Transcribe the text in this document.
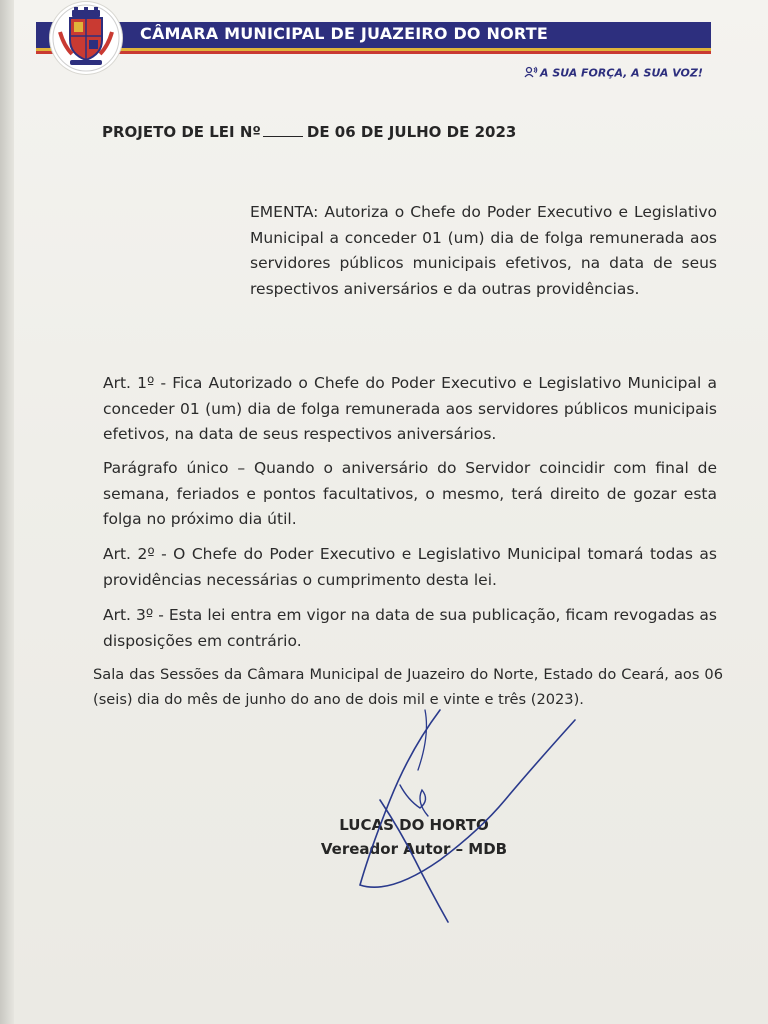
CÂMARA MUNICIPAL DE JUAZEIRO DO NORTE
A SUA FORÇA, A SUA VOZ!
PROJETO DE LEI Nº	DE 06 DE JULHO DE 2023
EMENTA: Autoriza o Chefe do Poder Executivo e Legislativo Municipal a conceder 01 (um) dia de folga remunerada aos servidores públicos municipais efetivos, na data de seus respectivos aniversários e da outras providências.
Art. 1º - Fica Autorizado o Chefe do Poder Executivo e Legislativo Municipal a conceder 01 (um) dia de folga remunerada aos servidores públicos municipais efetivos, na data de seus respectivos aniversários.
Parágrafo único – Quando o aniversário do Servidor coincidir com final de semana, feriados e pontos facultativos, o mesmo, terá direito de gozar esta folga no próximo dia útil.
Art. 2º - O Chefe do Poder Executivo e Legislativo Municipal tomará todas as providências necessárias o cumprimento desta lei.
Art. 3º - Esta lei entra em vigor na data de sua publicação, ficam revogadas as disposições em contrário.
Sala das Sessões da Câmara Municipal de Juazeiro do Norte, Estado do Ceará, aos 06 (seis) dia do mês de junho do ano de dois mil e vinte e três (2023).
LUCAS DO HORTO
Vereador Autor – MDB
